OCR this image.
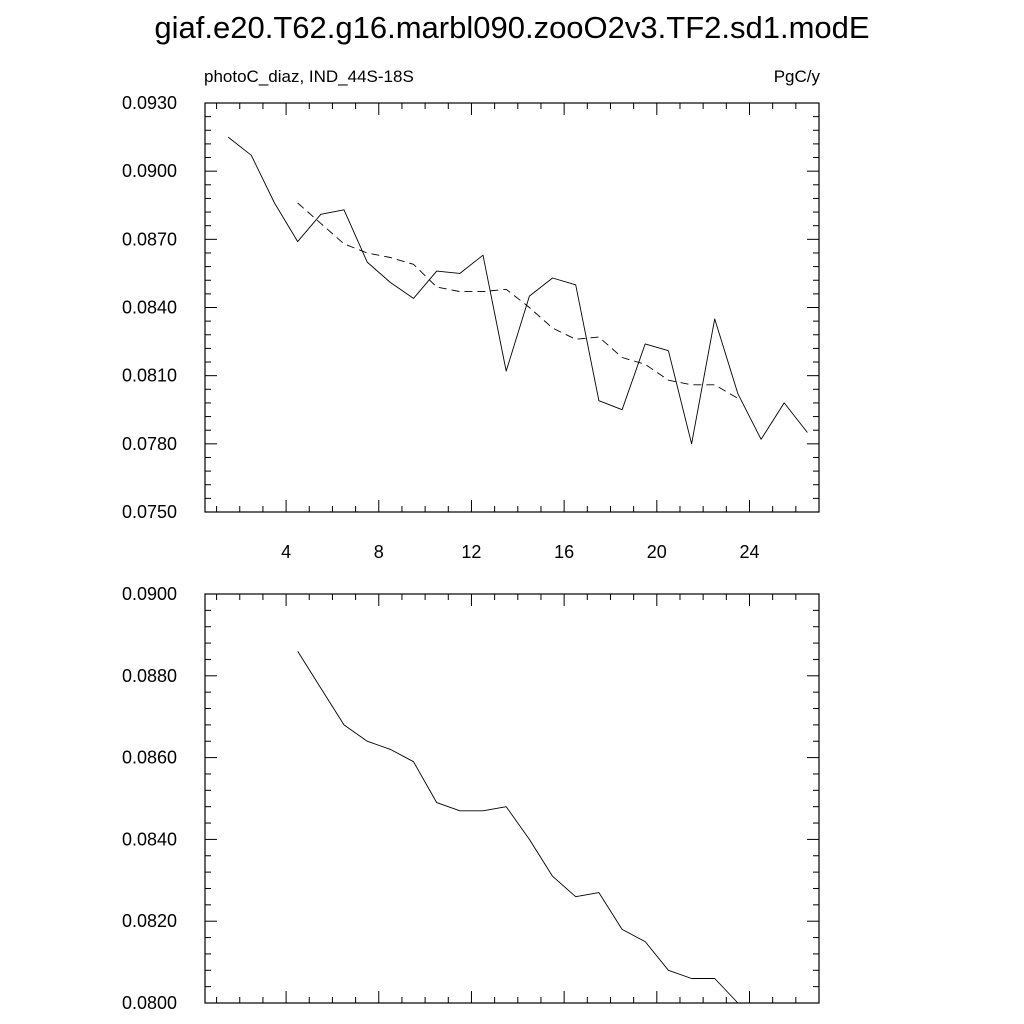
giaf.e20.T62.g16.marbl090.zooO2v3.TF2.sd1.modE
photoC_diaz, IND_44S-18S	PgC/y
0.0750
0.0780
0.0810
0.0840
0.0870
0.0900
0.0930
4	8	12	16	20	24
0.0800
0.0820
0.0840
0.0860
0.0880
0.0900
